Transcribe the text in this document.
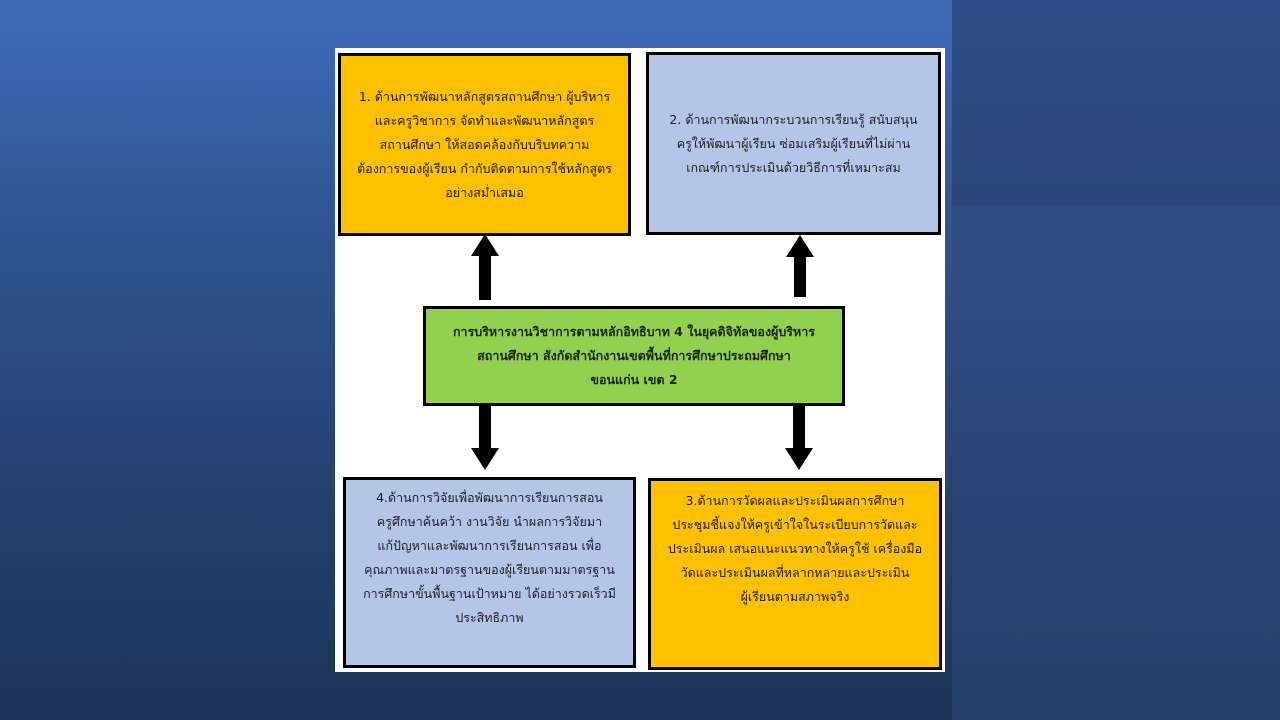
1. ด้านการพัฒนาหลักสูตรสถานศึกษา ผู้บริหาร
และครูวิชาการ จัดทำและพัฒนาหลักสูตร
สถานศึกษา ให้สอดคล้องกับบริบทความ
ต้องการของผู้เรียน กำกับติดตามการใช้หลักสูตร
อย่างสม่ำเสมอ
2. ด้านการพัฒนากระบวนการเรียนรู้ สนับสนุน
ครูให้พัฒนาผู้เรียน ซ่อมเสริมผู้เรียนที่ไม่ผ่าน
เกณฑ์การประเมินด้วยวิธีการที่เหมาะสม
การบริหารงานวิชาการตามหลักอิทธิบาท 4 ในยุคดิจิทัลของผู้บริหาร
สถานศึกษา สังกัดสำนักงานเขตพื้นที่การศึกษาประถมศึกษา
ขอนแก่น เขต 2
4.ด้านการวิจัยเพื่อพัฒนาการเรียนการสอน
ครูศึกษาค้นคว้า งานวิจัย นำผลการวิจัยมา
แก้ปัญหาและพัฒนาการเรียนการสอน เพื่อ
คุณภาพและมาตรฐานของผู้เรียนตามมาตรฐาน
การศึกษาขั้นพื้นฐานเป้าหมาย ได้อย่างรวดเร็วมี
ประสิทธิภาพ
3.ด้านการวัดผลและประเมินผลการศึกษา
ประชุมชี้แจงให้ครูเข้าใจในระเบียบการวัดและ
ประเมินผล เสนอแนะแนวทางให้ครูใช้ เครื่องมือ
วัดและประเมินผลที่หลากหลายและประเมิน
ผู้เรียนตามสภาพจริง
